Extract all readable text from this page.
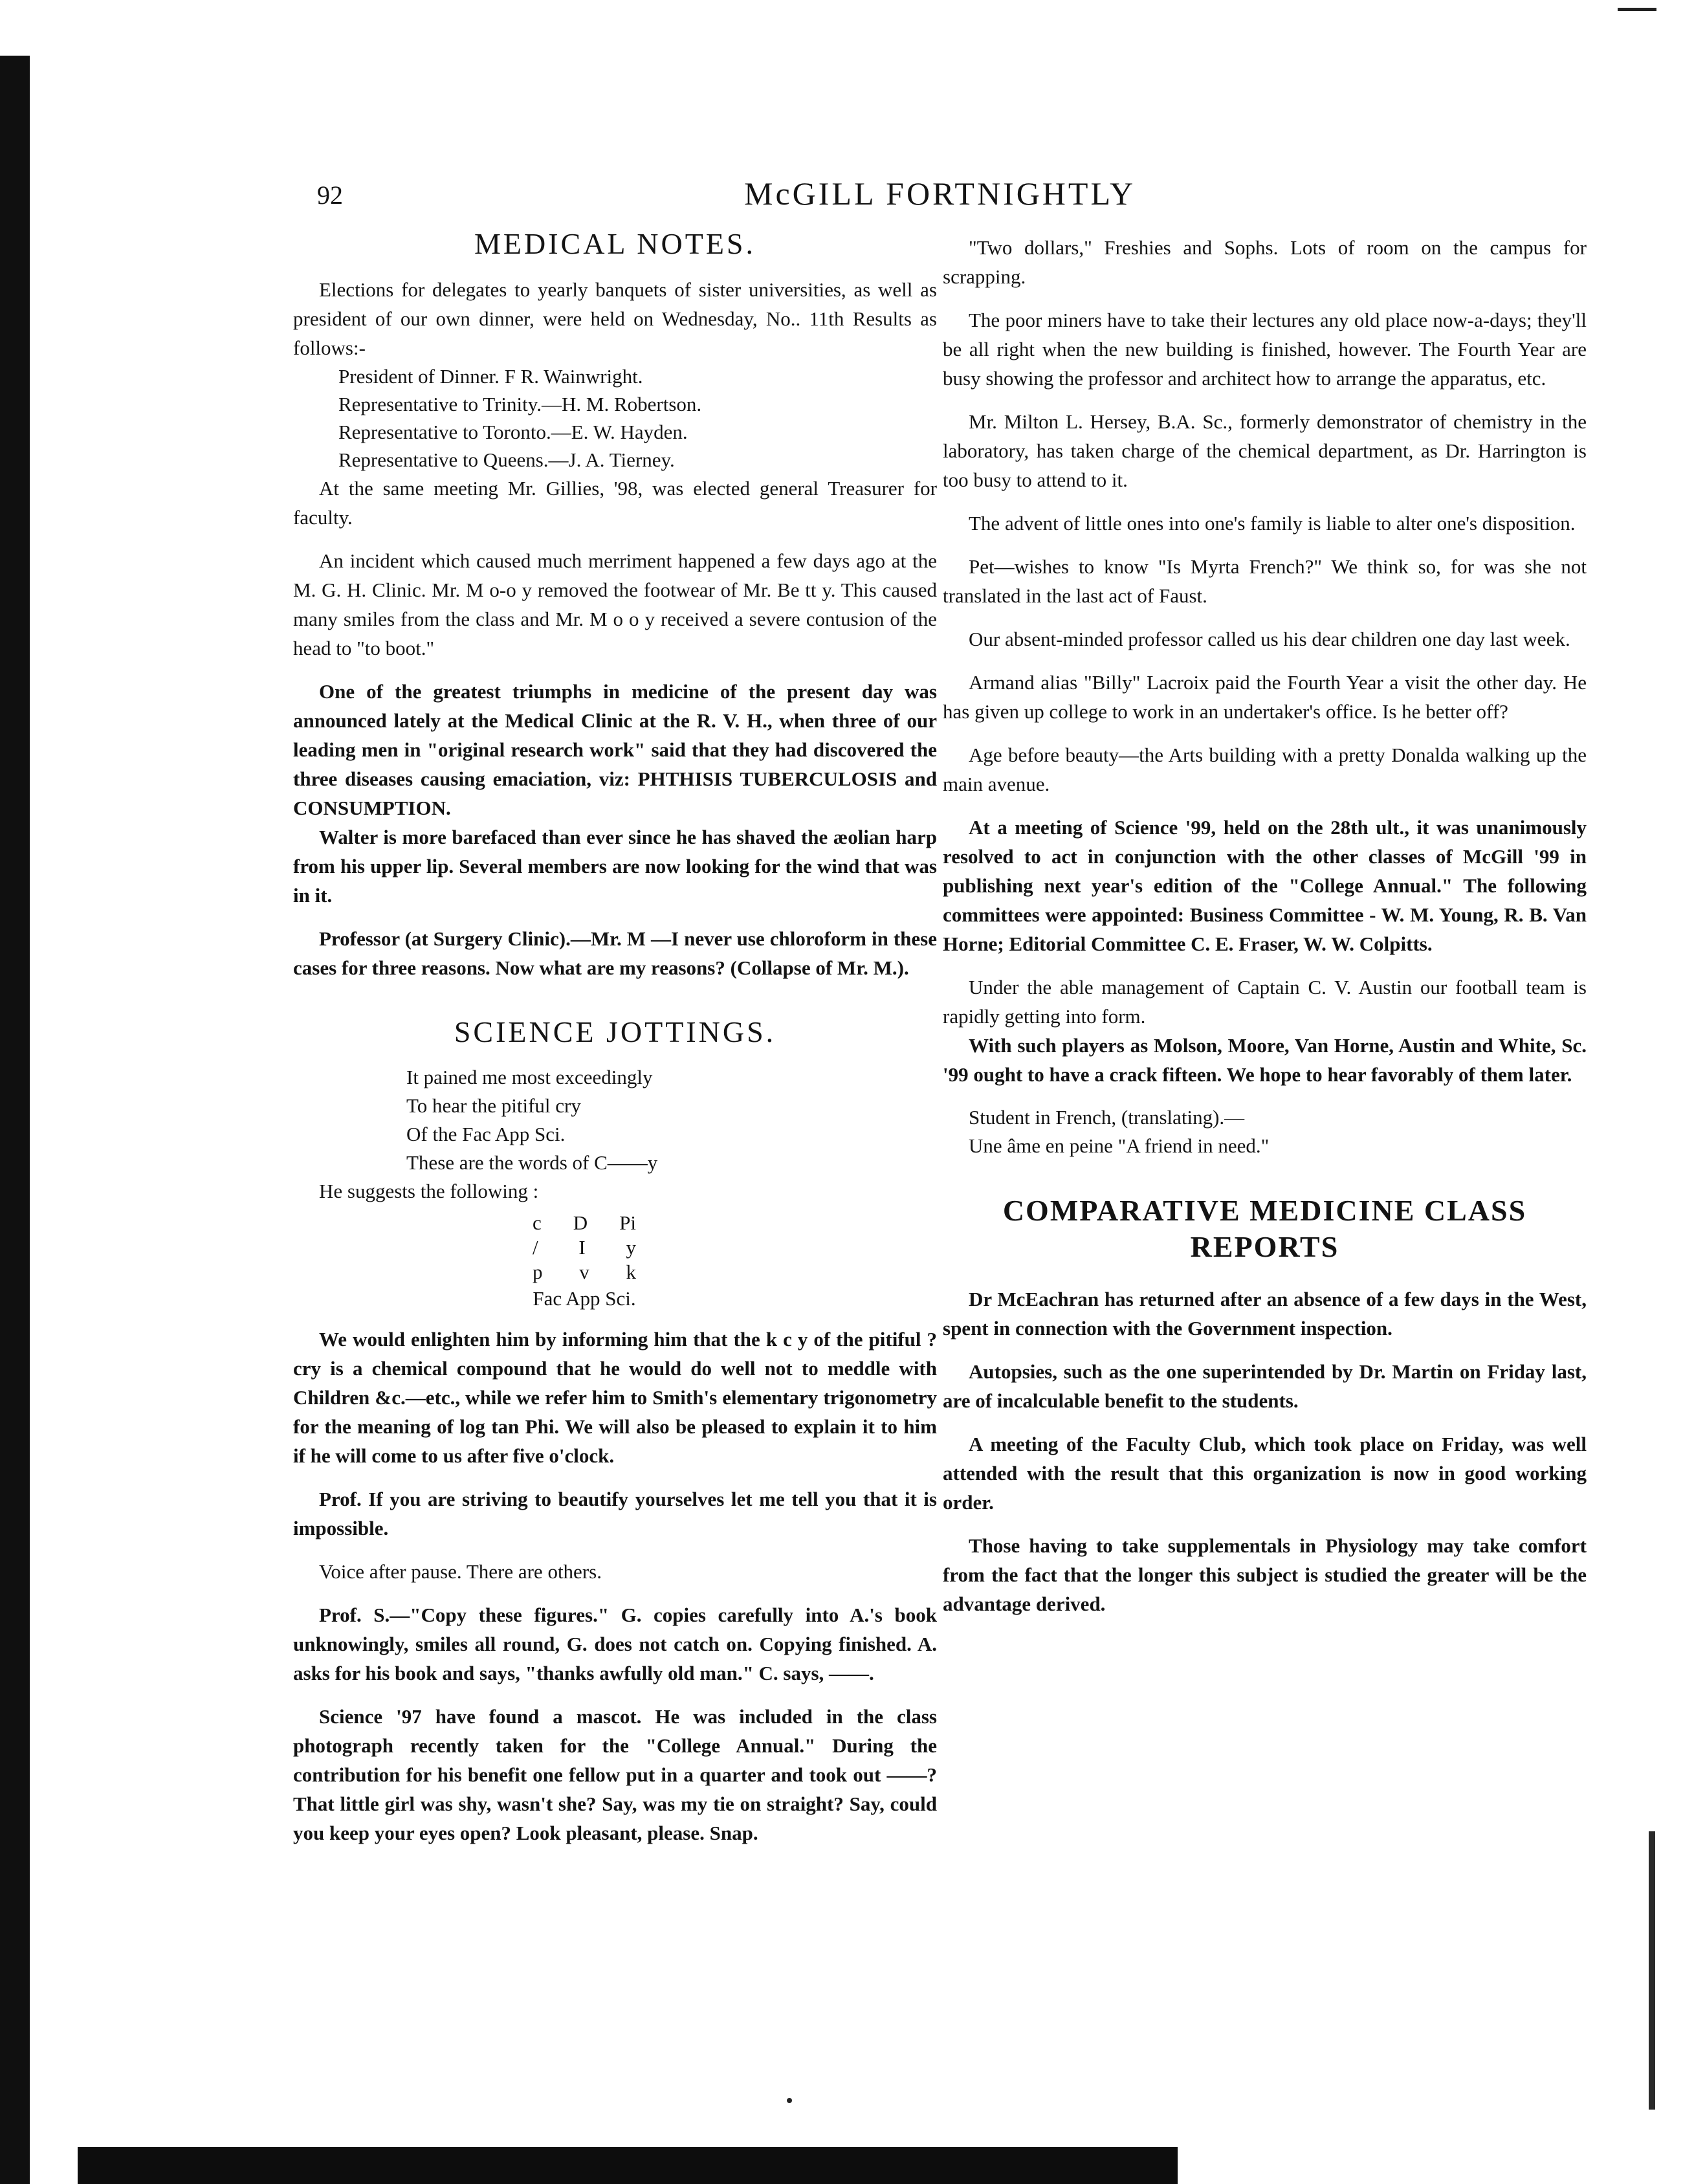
92	McGILL FORTNIGHTLY
MEDICAL NOTES.

Elections for delegates to yearly banquets of sister universities, as well as president of our own dinner, were held on Wednesday, No.. 11th Results as follows:-

President of Dinner. F R. Wainwright.
Representative to Trinity.—H. M. Robertson.
Representative to Toronto.—E. W. Hayden.
Representative to Queens.—J. A. Tierney.

At the same meeting Mr. Gillies, '98, was elected general Treasurer for faculty.

An incident which caused much merriment happened a few days ago at the M. G. H. Clinic. Mr. M o-o y removed the footwear of Mr. Be tt y. This caused many smiles from the class and Mr. M o o y received a severe contusion of the head to "to boot."

One of the greatest triumphs in medicine of the present day was announced lately at the Medical Clinic at the R. V. H., when three of our leading men in "original research work" said that they had discovered the three diseases causing emaciation, viz: PHTHISIS TUBERCULOSIS and CONSUMPTION.

Walter is more barefaced than ever since he has shaved the æolian harp from his upper lip. Several members are now looking for the wind that was in it.

Professor (at Surgery Clinic).—Mr. M —I never use chloroform in these cases for three reasons. Now what are my reasons? (Collapse of Mr. M.).

SCIENCE JOTTINGS.
It pained me most exceedingly
To hear the pitiful cry
Of the Fac App Sci.
These are the words of C——y
He suggests the following :
c D Pi
/ I y
p v k
Fac App Sci.

We would enlighten him by informing him that the k c y of the pitiful ? cry is a chemical compound that he would do well not to meddle with Children &c.—etc., while we refer him to Smith's elementary trigonometry for the meaning of log tan Phi. We will also be pleased to explain it to him if he will come to us after five o'clock.

Prof. If you are striving to beautify yourselves let me tell you that it is impossible.

Voice after pause. There are others.

Prof. S.—"Copy these figures." G. copies carefully into A.'s book unknowingly, smiles all round, G. does not catch on. Copying finished. A. asks for his book and says, "thanks awfully old man." C. says, ——.

Science '97 have found a mascot. He was included in the class photograph recently taken for the "College Annual." During the contribution for his benefit one fellow put in a quarter and took out ——? That little girl was shy, wasn't she? Say, was my tie on straight? Say, could you keep your eyes open? Look pleasant, please. Snap.

"Two dollars," Freshies and Sophs. Lots of room on the campus for scrapping.

The poor miners have to take their lectures any old place now-a-days; they'll be all right when the new building is finished, however. The Fourth Year are busy showing the professor and architect how to arrange the apparatus, etc.

Mr. Milton L. Hersey, B.A. Sc., formerly demonstrator of chemistry in the laboratory, has taken charge of the chemical department, as Dr. Harrington is too busy to attend to it.

The advent of little ones into one's family is liable to alter one's disposition.

Pet—wishes to know "Is Myrta French?" We think so, for was she not translated in the last act of Faust.

Our absent-minded professor called us his dear children one day last week.

Armand alias "Billy" Lacroix paid the Fourth Year a visit the other day. He has given up college to work in an undertaker's office. Is he better off?

Age before beauty—the Arts building with a pretty Donalda walking up the main avenue.

At a meeting of Science '99, held on the 28th ult., it was unanimously resolved to act in conjunction with the other classes of McGill '99 in publishing next year's edition of the "College Annual." The following committees were appointed: Business Committee - W. M. Young, R. B. Van Horne; Editorial Committee C. E. Fraser, W. W. Colpitts.

Under the able management of Captain C. V. Austin our football team is rapidly getting into form.

With such players as Molson, Moore, Van Horne, Austin and White, Sc. '99 ought to have a crack fifteen. We hope to hear favorably of them later.

Student in French, (translating).—
Une âme en peine "A friend in need."
COMPARATIVE MEDICINE CLASS
REPORTS

Dr McEachran has returned after an absence of a few days in the West, spent in connection with the Government inspection.

Autopsies, such as the one superintended by Dr. Martin on Friday last, are of incalculable benefit to the students.

A meeting of the Faculty Club, which took place on Friday, was well attended with the result that this organization is now in good working order.

Those having to take supplementals in Physiology may take comfort from the fact that the longer this subject is studied the greater will be the advantage derived.
